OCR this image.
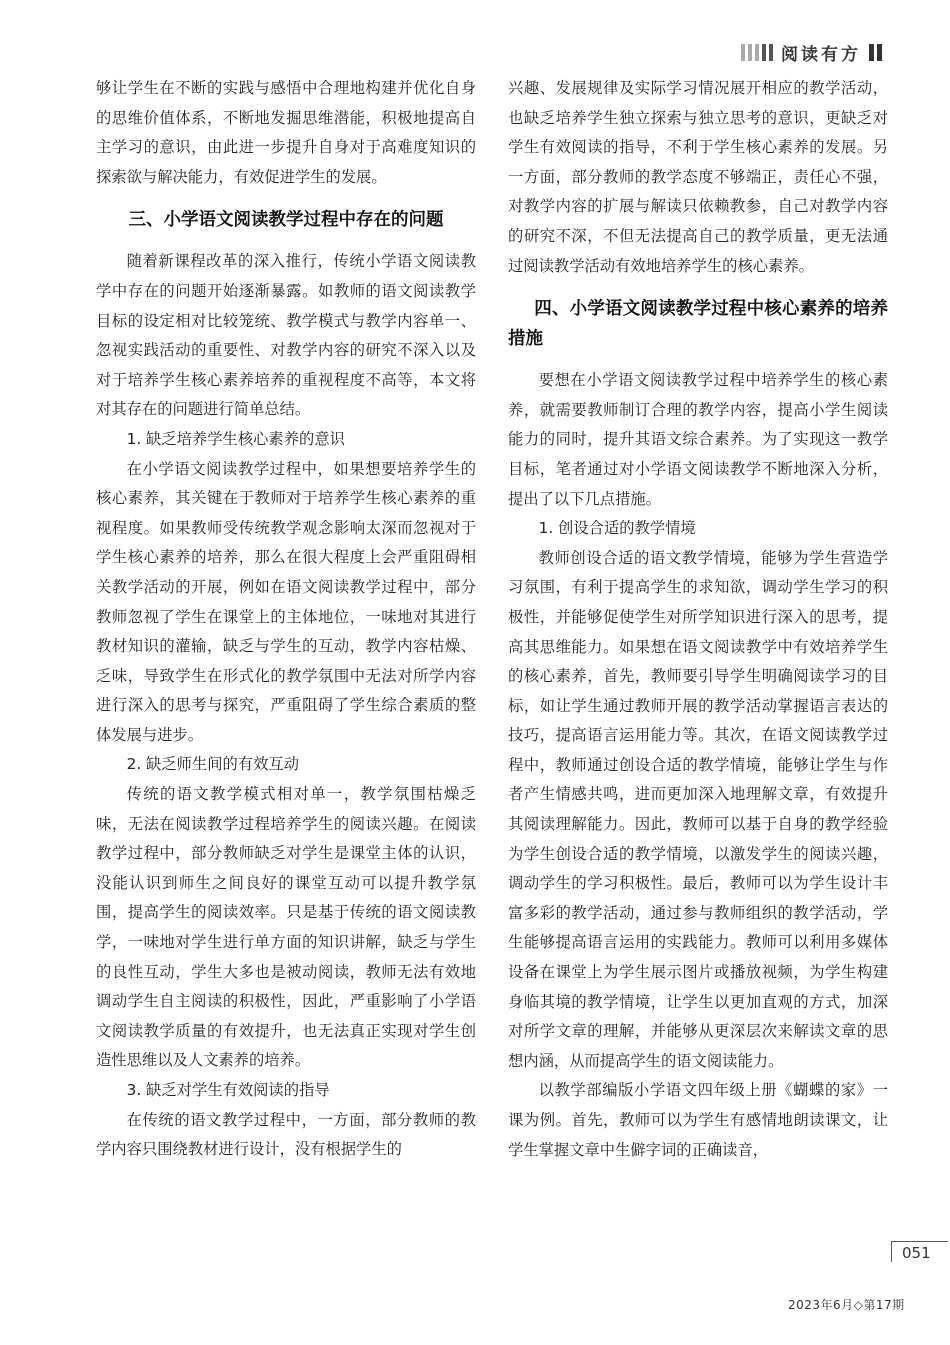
阅读有方

够让学生在不断的实践与感悟中合理地构建并优化自身的思维价值体系，不断地发掘思维潜能，积极地提高自主学习的意识，由此进一步提升自身对于高难度知识的探索欲与解决能力，有效促进学生的发展。

三、小学语文阅读教学过程中存在的问题

随着新课程改革的深入推行，传统小学语文阅读教学中存在的问题开始逐渐暴露。如教师的语文阅读教学目标的设定相对比较笼统、教学模式与教学内容单一、忽视实践活动的重要性、对教学内容的研究不深入以及对于培养学生核心素养培养的重视程度不高等，本文将对其存在的问题进行简单总结。

1. 缺乏培养学生核心素养的意识

在小学语文阅读教学过程中，如果想要培养学生的核心素养，其关键在于教师对于培养学生核心素养的重视程度。如果教师受传统教学观念影响太深而忽视对于学生核心素养的培养，那么在很大程度上会严重阻碍相关教学活动的开展，例如在语文阅读教学过程中，部分教师忽视了学生在课堂上的主体地位，一味地对其进行教材知识的灌输，缺乏与学生的互动，教学内容枯燥、乏味，导致学生在形式化的教学氛围中无法对所学内容进行深入的思考与探究，严重阻碍了学生综合素质的整体发展与进步。

2. 缺乏师生间的有效互动

传统的语文教学模式相对单一，教学氛围枯燥乏味，无法在阅读教学过程培养学生的阅读兴趣。在阅读教学过程中，部分教师缺乏对学生是课堂主体的认识，没能认识到师生之间良好的课堂互动可以提升教学氛围，提高学生的阅读效率。只是基于传统的语文阅读教学，一味地对学生进行单方面的知识讲解，缺乏与学生的良性互动，学生大多也是被动阅读，教师无法有效地调动学生自主阅读的积极性，因此，严重影响了小学语文阅读教学质量的有效提升，也无法真正实现对学生创造性思维以及人文素养的培养。

3. 缺乏对学生有效阅读的指导

在传统的语文教学过程中，一方面，部分教师的教学内容只围绕教材进行设计，没有根据学生的

兴趣、发展规律及实际学习情况展开相应的教学活动，也缺乏培养学生独立探索与独立思考的意识，更缺乏对学生有效阅读的指导，不利于学生核心素养的发展。另一方面，部分教师的教学态度不够端正，责任心不强，对教学内容的扩展与解读只依赖教参，自己对教学内容的研究不深，不但无法提高自己的教学质量，更无法通过阅读教学活动有效地培养学生的核心素养。

四、小学语文阅读教学过程中核心素养的培养措施

要想在小学语文阅读教学过程中培养学生的核心素养，就需要教师制订合理的教学内容，提高小学生阅读能力的同时，提升其语文综合素养。为了实现这一教学目标，笔者通过对小学语文阅读教学不断地深入分析，提出了以下几点措施。

1. 创设合适的教学情境

教师创设合适的语文教学情境，能够为学生营造学习氛围，有利于提高学生的求知欲，调动学生学习的积极性，并能够促使学生对所学知识进行深入的思考，提高其思维能力。如果想在语文阅读教学中有效培养学生的核心素养，首先，教师要引导学生明确阅读学习的目标，如让学生通过教师开展的教学活动掌握语言表达的技巧，提高语言运用能力等。其次，在语文阅读教学过程中，教师通过创设合适的教学情境，能够让学生与作者产生情感共鸣，进而更加深入地理解文章，有效提升其阅读理解能力。因此，教师可以基于自身的教学经验为学生创设合适的教学情境，以激发学生的阅读兴趣，调动学生的学习积极性。最后，教师可以为学生设计丰富多彩的教学活动，通过参与教师组织的教学活动，学生能够提高语言运用的实践能力。教师可以利用多媒体设备在课堂上为学生展示图片或播放视频，为学生构建身临其境的教学情境，让学生以更加直观的方式，加深对所学文章的理解，并能够从更深层次来解读文章的思想内涵，从而提高学生的语文阅读能力。

以教学部编版小学语文四年级上册《蝴蝶的家》一课为例。首先，教师可以为学生有感情地朗读课文，让学生掌握文章中生僻字词的正确读音，

051
2023年6月◇第17期
